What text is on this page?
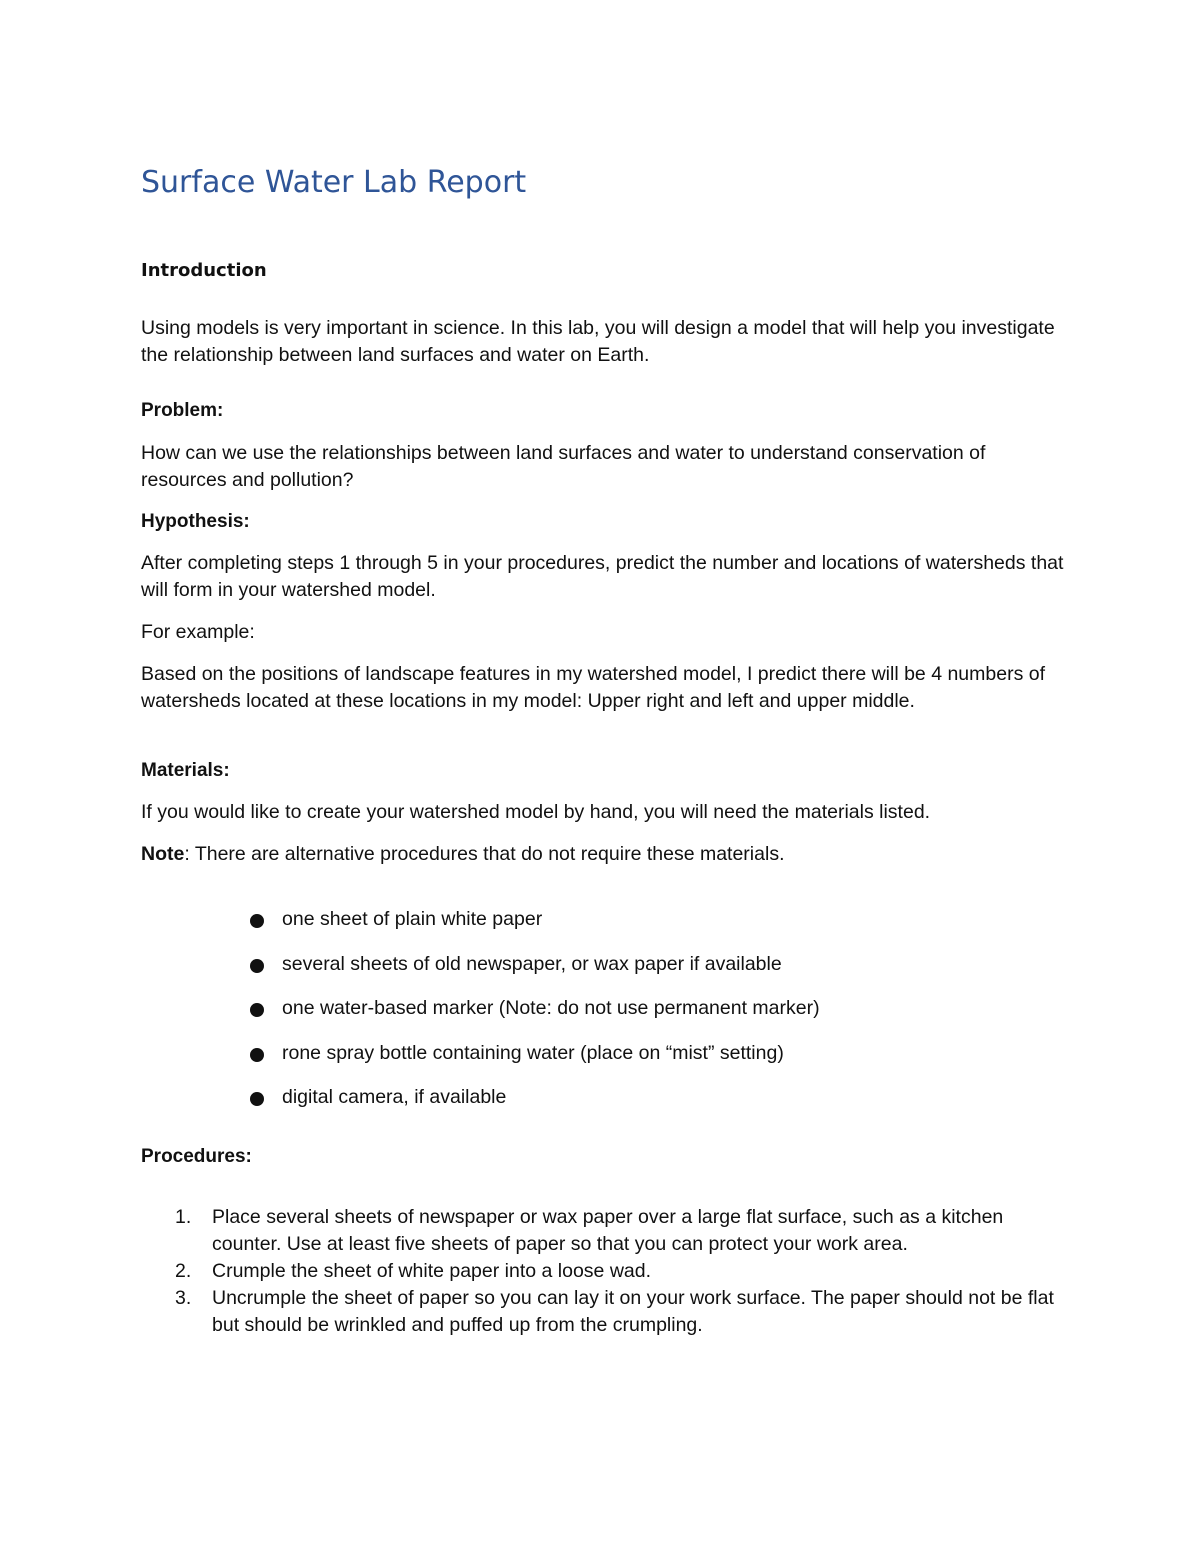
Surface Water Lab Report
Introduction

Using models is very important in science. In this lab, you will design a model that will help you investigate the relationship between land surfaces and water on Earth.

Problem:

How can we use the relationships between land surfaces and water to understand conservation of resources and pollution?

Hypothesis:

After completing steps 1 through 5 in your procedures, predict the number and locations of watersheds that will form in your watershed model.

For example:

Based on the positions of landscape features in my watershed model, I predict there will be 4 numbers of watersheds located at these locations in my model: Upper right and left and upper middle.

Materials:

If you would like to create your watershed model by hand, you will need the materials listed.

Note: There are alternative procedures that do not require these materials.

one sheet of plain white paper
several sheets of old newspaper, or wax paper if available
one water-based marker (Note: do not use permanent marker)
rone spray bottle containing water (place on “mist” setting)
digital camera, if available
Procedures:
1. Place several sheets of newspaper or wax paper over a large flat surface, such as a kitchen counter. Use at least five sheets of paper so that you can protect your work area.
2. Crumple the sheet of white paper into a loose wad.
3. Uncrumple the sheet of paper so you can lay it on your work surface. The paper should not be flat but should be wrinkled and puffed up from the crumpling.
